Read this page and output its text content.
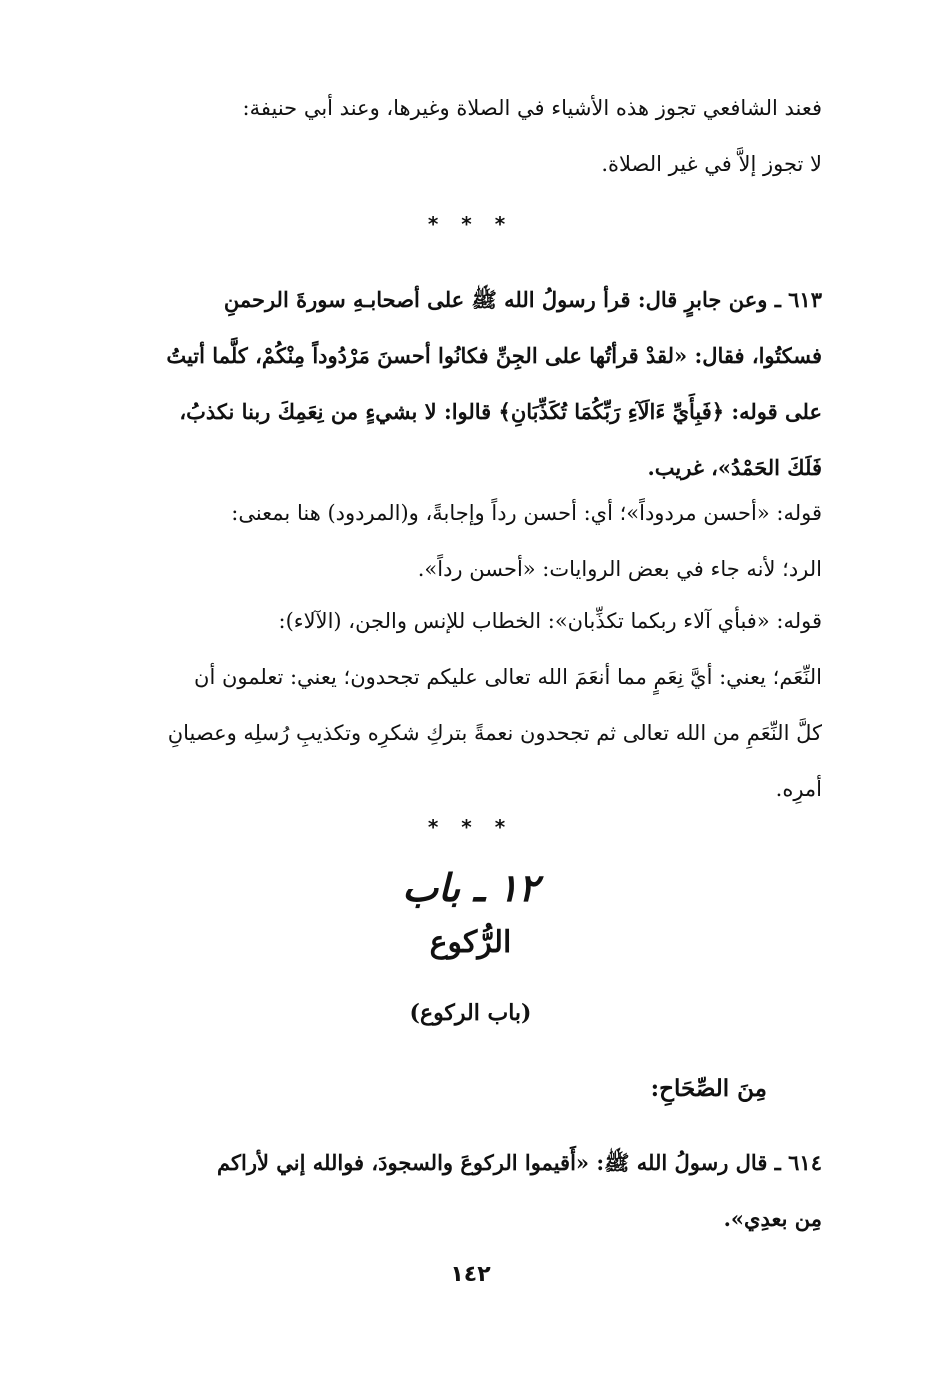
فعند الشافعي تجوز هذه الأشياء في الصلاة وغيرها، وعند أبي حنيفة:
لا تجوز إلاَّ في غير الصلاة.
* * *
٦١٣ ـ وعن جابرٍ قال: قرأ رسولُ الله ﷺ على أصحابـهِ سورةَ الرحمنِ
فسكتُوا، فقال: «لقدْ قرأتُها على الجِنِّ فكانُوا أحسنَ مَرْدُوداً مِنْكُمْ، كلَّما أتيتُ
على قوله: ﴿فَبِأَيِّ ءَالَآءِ رَبِّكُمَا تُكَذِّبَانِ﴾ قالوا: لا بشيءٍ من نِعَمِكَ ربنا نكذبُ،
فَلَكَ الحَمْدُ»، غريب.
قوله: «أحسن مردوداً»؛ أي: أحسن رداً وإجابةً، و(المردود) هنا بمعنى:
الرد؛ لأنه جاء في بعض الروايات: «أحسن رداً».
قوله: «فبأي آلاء ربكما تكذِّبان»: الخطاب للإنس والجن، (الآلاء):
النِّعَم؛ يعني: أيَّ نِعَمٍ مما أنعَمَ الله تعالى عليكم تجحدون؛ يعني: تعلمون أن
كلَّ النِّعَمِ من الله تعالى ثم تجحدون نعمةً بتركِ شكرِه وتكذيبِ رُسلِه وعصيانِ
أمرِه.
* * *
١٢ ـ باب
الرُّكوع
(باب الركوع)
مِنَ الصِّحَاحِ:
٦١٤ ـ قال رسولُ الله ﷺ: «أَقيموا الركوعَ والسجودَ، فوالله إني لأراكم
مِن بعدِي».
١٤٢
